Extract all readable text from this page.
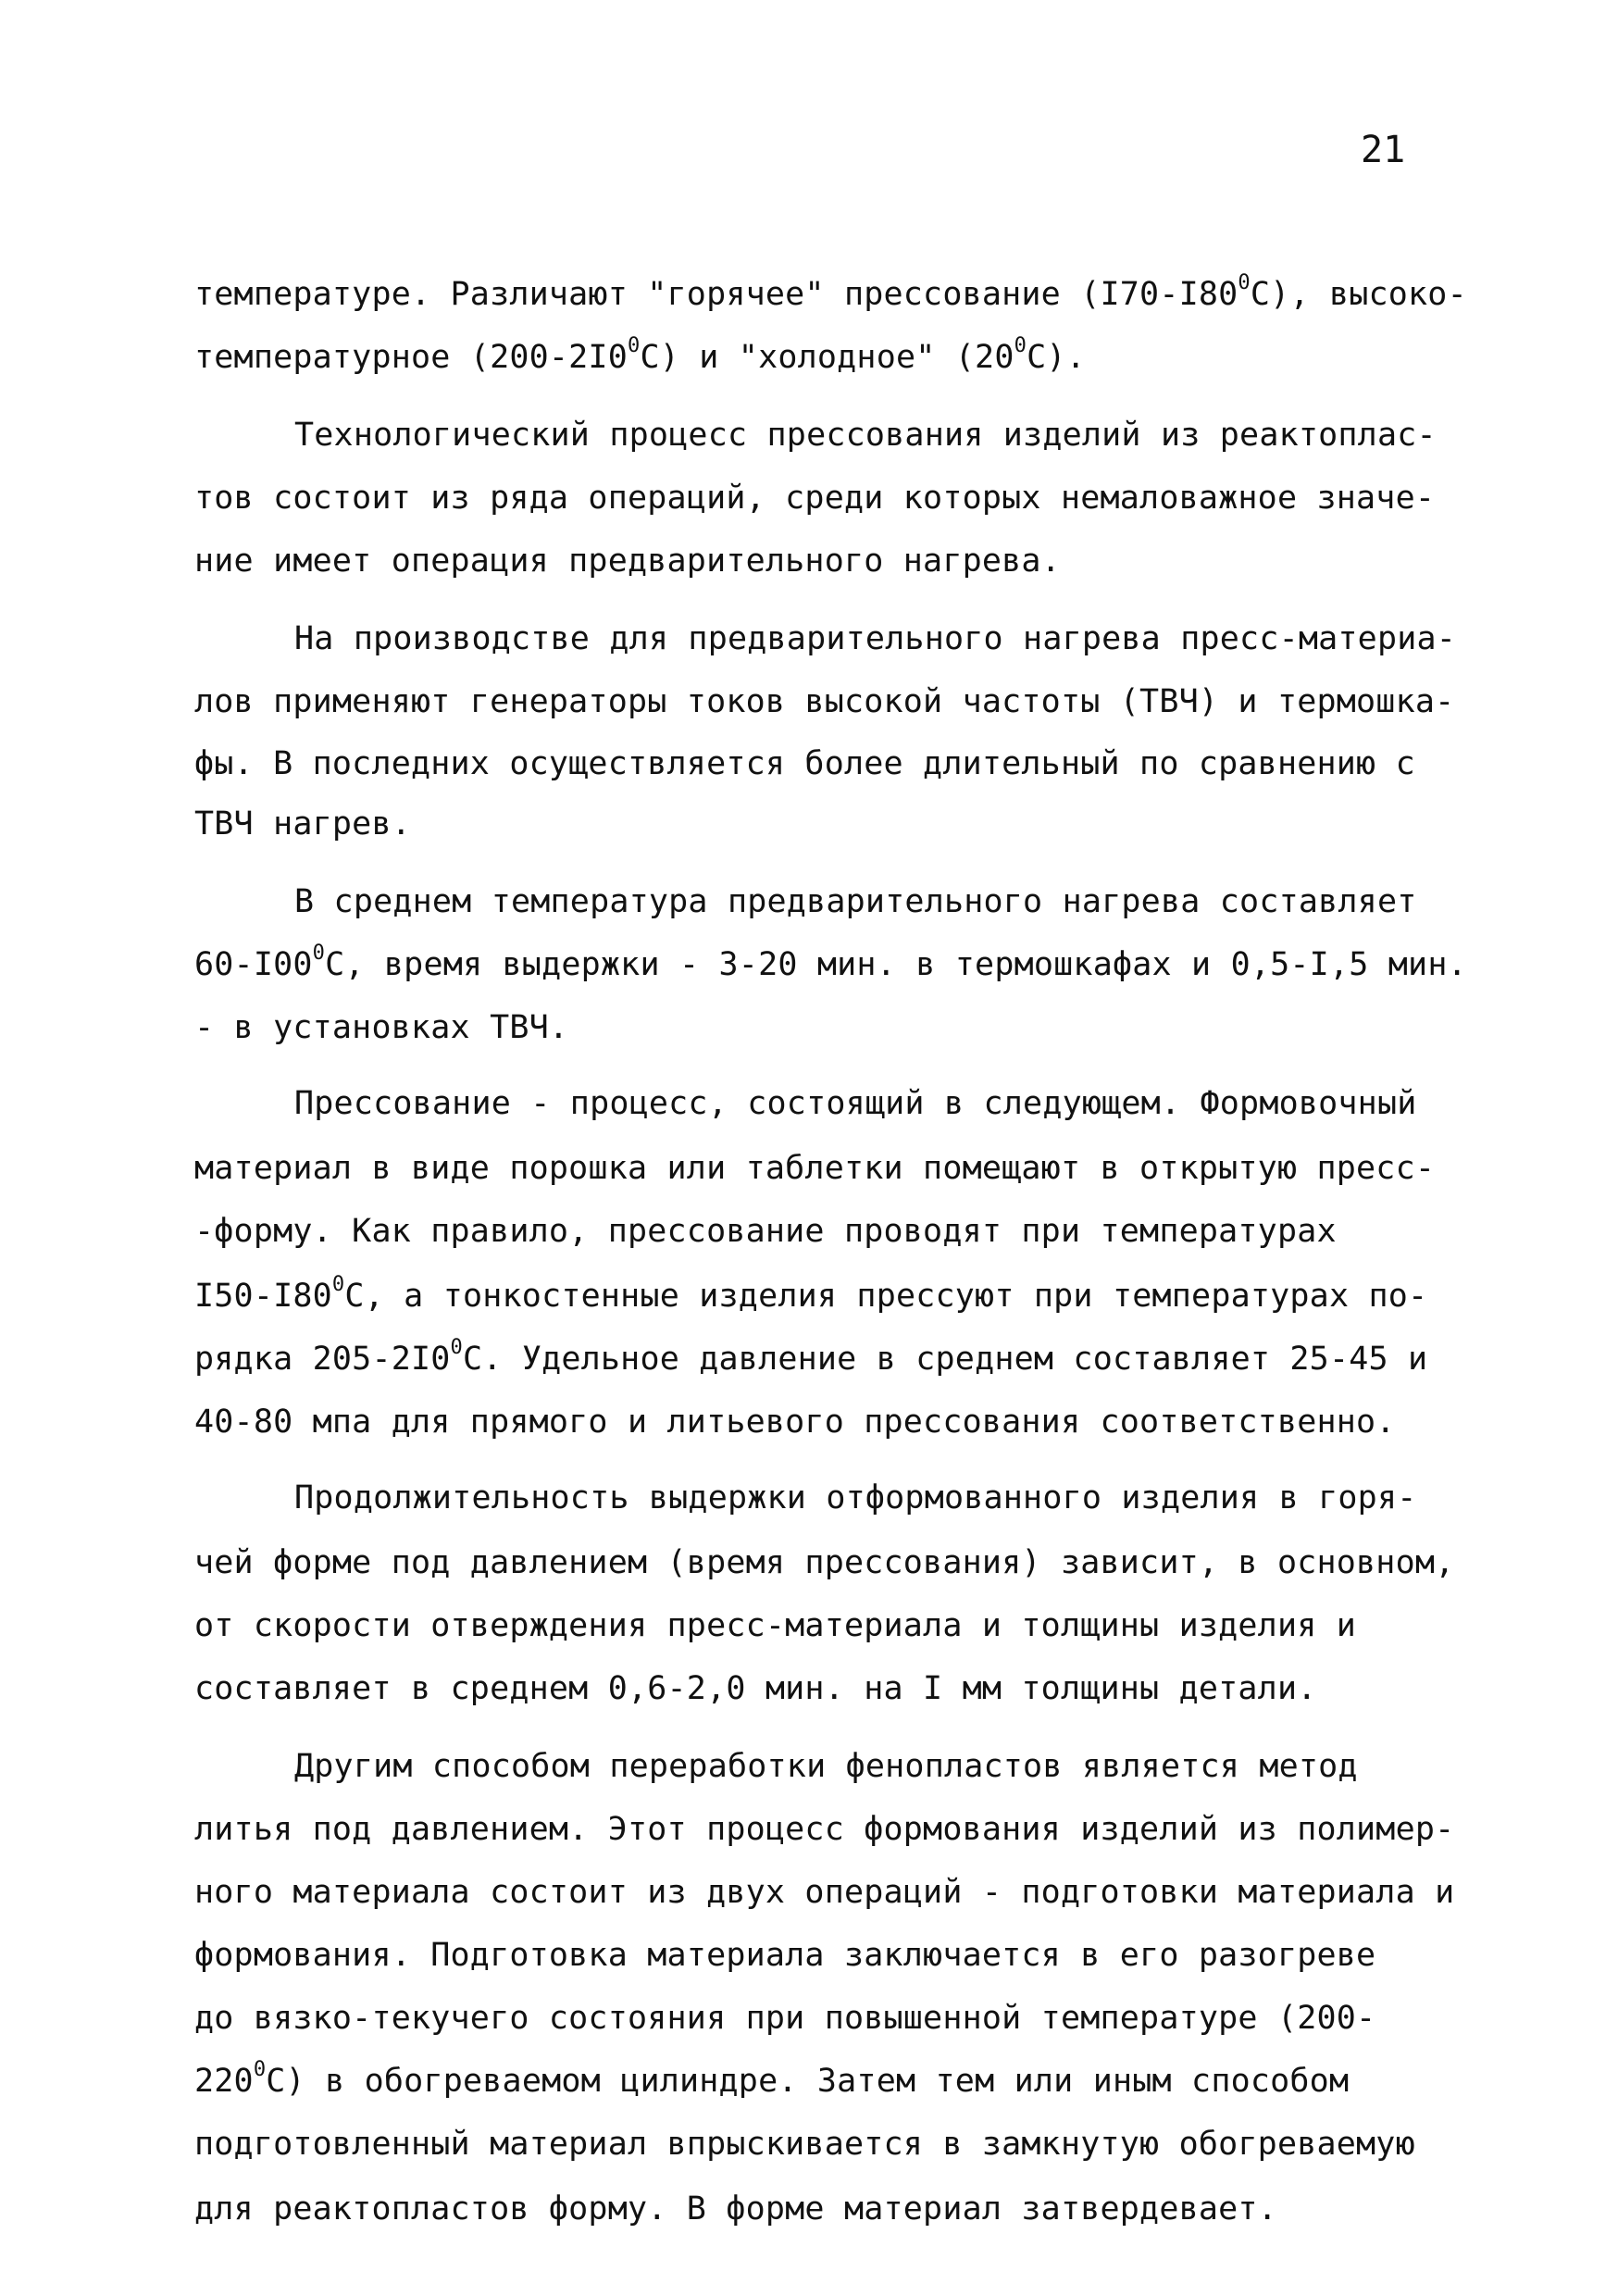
21
температуре. Различают "горячее" прессование $(I70-I80^0C)$, высоко-
температурное $(200-2I0^0C)$ и "холодное" $(20^0C)$.
Технологический процесс прессования изделий из реактоплас-
тов состоит из ряда операций, среди которых немаловажное значе-
ние имеет операция предварительного нагрева.
На производстве для предварительного нагрева пресс-материа-
лов применяют генераторы токов высокой частоты (ТВЧ) и термошка-
фы. В последних осуществляется более длительный по сравнению с
ТВЧ нагрев.
В среднем температура предварительного нагрева составляет
$60-I00^0C$, время выдержки - 3-20 мин. в термошкафах и 0,5-I,5 мин.
- в установках ТВЧ.
Прессование - процесс, состоящий в следующем. Формовочный
материал в виде порошка или таблетки помещают в открытую пресс-
-форму. Как правило, прессование проводят при температурах
$I50-I80^0C$, а тонкостенные изделия прессуют при температурах по-
рядка $205-2I0^0C$. Удельное давление в среднем составляет 25-45 и
40-80 мпа для прямого и литьевого прессования соответственно.
Продолжительность выдержки отформованного изделия в горя-
чей форме под давлением (время прессования) зависит, в основном,
от скорости отверждения пресс-материала и толщины изделия и
составляет в среднем 0,6-2,0 мин. на I мм толщины детали.
Другим способом переработки фенопластов является метод
литья под давлением. Этот процесс формования изделий из полимер-
ного материала состоит из двух операций - подготовки материала и
формования. Подготовка материала заключается в его разогреве
до вязко-текучего состояния при повышенной температуре (200-
$220^0C$) в обогреваемом цилиндре. Затем тем или иным способом
подготовленный материал впрыскивается в замкнутую обогреваемую
для реактопластов форму. В форме материал затвердевает.
